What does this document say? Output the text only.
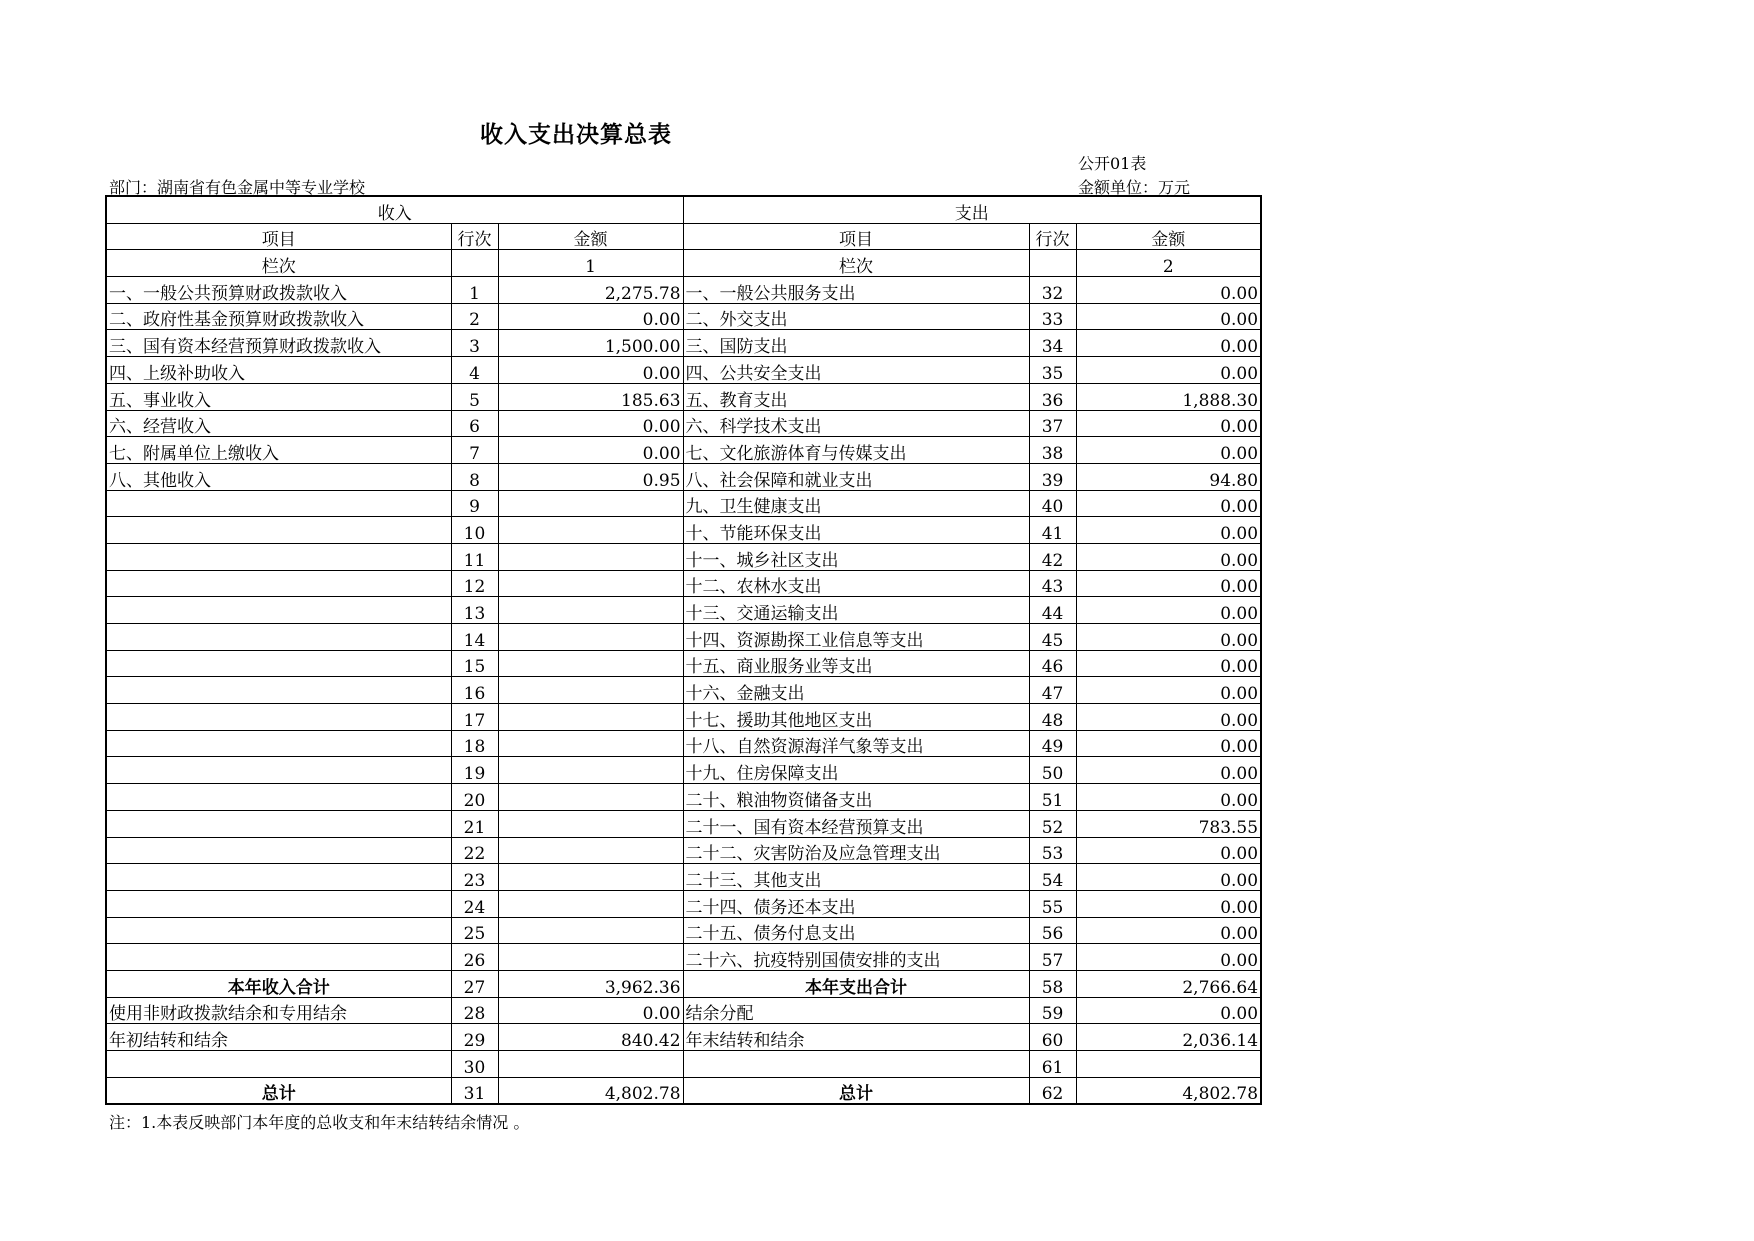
收入支出决算总表
公开01表
部门：湖南省有色金属中等专业学校	金额单位：万元
收入			支出		
项目	行次	金额	项目	行次	金额
栏次		1	栏次		2
一、一般公共预算财政拨款收入	1	2,275.78	一、一般公共服务支出	32	0.00
二、政府性基金预算财政拨款收入	2	0.00	二、外交支出	33	0.00
三、国有资本经营预算财政拨款收入	3	1,500.00	三、国防支出	34	0.00
四、上级补助收入	4	0.00	四、公共安全支出	35	0.00
五、事业收入	5	185.63	五、教育支出	36	1,888.30
六、经营收入	6	0.00	六、科学技术支出	37	0.00
七、附属单位上缴收入	7	0.00	七、文化旅游体育与传媒支出	38	0.00
八、其他收入	8	0.95	八、社会保障和就业支出	39	94.80
	9		九、卫生健康支出	40	0.00
	10		十、节能环保支出	41	0.00
	11		十一、城乡社区支出	42	0.00
	12		十二、农林水支出	43	0.00
	13		十三、交通运输支出	44	0.00
	14		十四、资源勘探工业信息等支出	45	0.00
	15		十五、商业服务业等支出	46	0.00
	16		十六、金融支出	47	0.00
	17		十七、援助其他地区支出	48	0.00
	18		十八、自然资源海洋气象等支出	49	0.00
	19		十九、住房保障支出	50	0.00
	20		二十、粮油物资储备支出	51	0.00
	21		二十一、国有资本经营预算支出	52	783.55
	22		二十二、灾害防治及应急管理支出	53	0.00
	23		二十三、其他支出	54	0.00
	24		二十四、债务还本支出	55	0.00
	25		二十五、债务付息支出	56	0.00
	26		二十六、抗疫特别国债安排的支出	57	0.00
本年收入合计	27	3,962.36	本年支出合计	58	2,766.64
使用非财政拨款结余和专用结余	28	0.00	结余分配	59	0.00
年初结转和结余	29	840.42	年末结转和结余	60	2,036.14
	30			61	
总计	31	4,802.78	总计	62	4,802.78
注：1.本表反映部门本年度的总收支和年末结转结余情况 。
